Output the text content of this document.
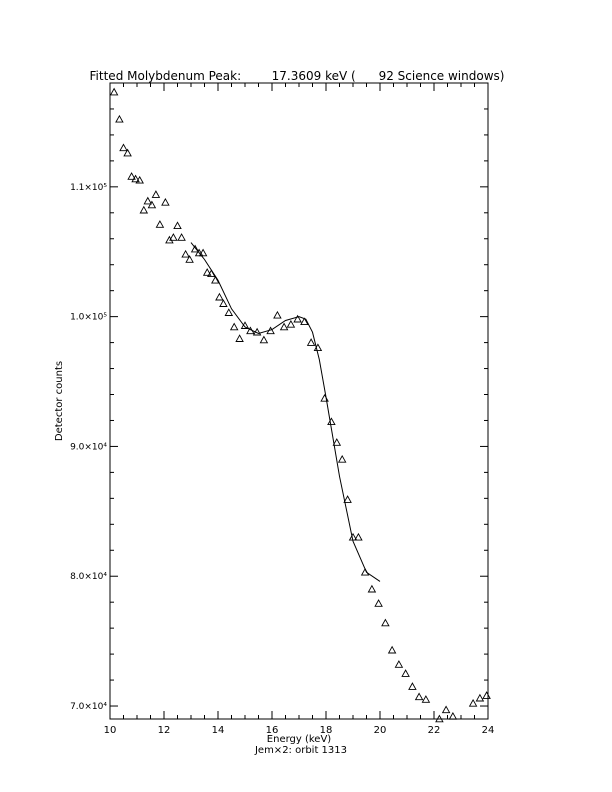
Fitted Molybdenum Peak:        17.3609 keV (      92 Science windows)
10	12	14	16	18	20	22	24
7.0×10⁴
8.0×10⁴
9.0×10⁴
1.0×10⁵
1.1×10⁵
Energy (keV)
Jem×2: orbit 1313
Detector counts
